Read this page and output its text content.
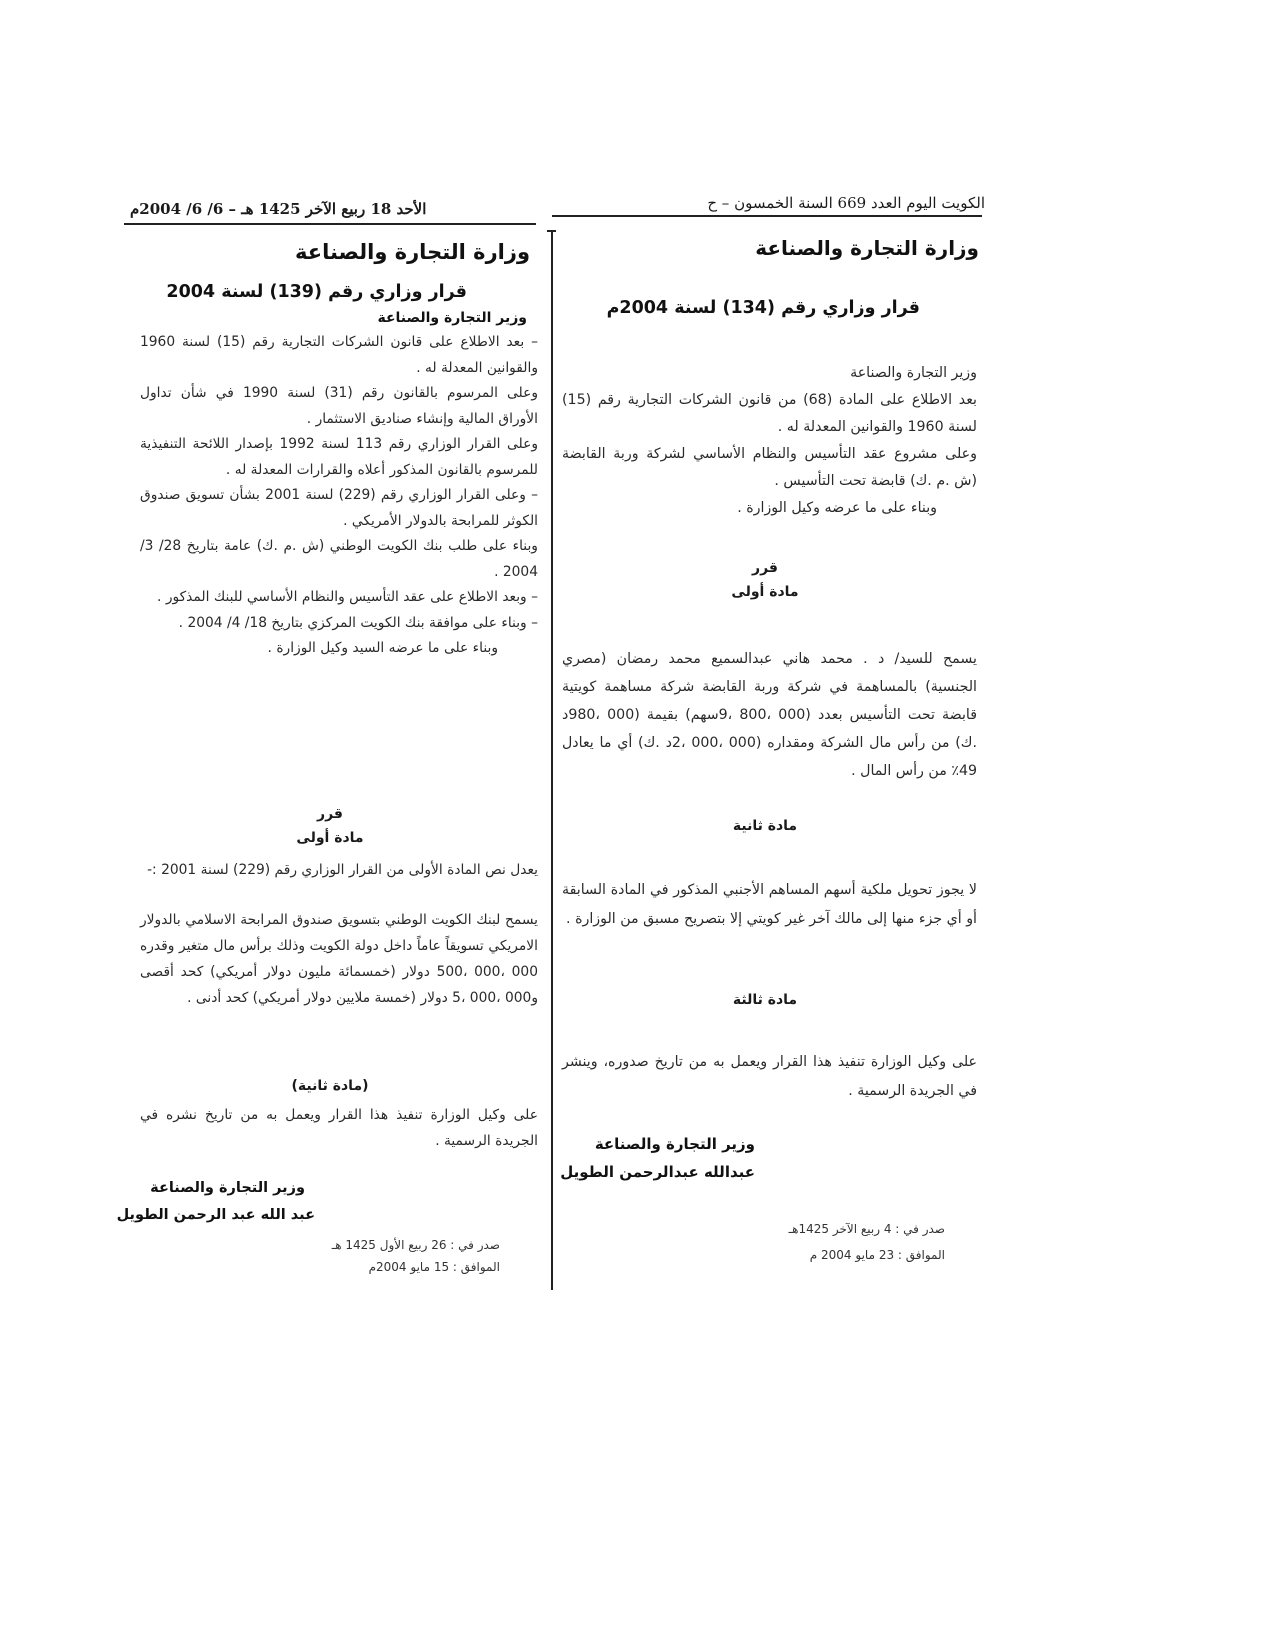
الكويت اليوم العدد 669 السنة الخمسون – ح
الأحد 18 ربيع الآخر 1425 هـ – 6/ 6/ 2004م
وزارة التجارة والصناعة
قرار وزاري رقم (134) لسنة 2004م

وزير التجارة والصناعة

بعد الاطلاع على المادة (68) من قانون الشركات التجارية رقم (15) لسنة 1960 والقوانين المعدلة له .

وعلى مشروع عقد التأسيس والنظام الأساسي لشركة وربة القابضة (ش .م .ك) قابضة تحت التأسيس .

وبناء على ما عرضه وكيل الوزارة .

قرر
مادة أولى
يسمح للسيد/ د . محمد هاني عبدالسميع محمد رمضان (مصري الجنسية) بالمساهمة في شركة وربة القابضة شركة مساهمة كويتية قابضة تحت التأسيس بعدد (000 ،800 ،9سهم) بقيمة (000 ،980د .ك) من رأس مال الشركة ومقداره (000 ،000 ،2د .ك) أي ما يعادل 49٪ من رأس المال .
مادة ثانية
لا يجوز تحويل ملكية أسهم المساهم الأجنبي المذكور في المادة السابقة أو أي جزء منها إلى مالك آخر غير كويتي إلا بتصريح مسبق من الوزارة .
مادة ثالثة
على وكيل الوزارة تنفيذ هذا القرار ويعمل به من تاريخ صدوره، وينشر في الجريدة الرسمية .
وزير التجارة والصناعة
عبدالله عبدالرحمن الطويل
صدر في : 4 ربيع الآخر 1425هـ
الموافق : 23 مايو 2004 م
وزارة التجارة والصناعة
قرار وزاري رقم (139) لسنة 2004
وزير التجارة والصناعة

– بعد الاطلاع على قانون الشركات التجارية رقم (15) لسنة 1960 والقوانين المعدلة له .

وعلى المرسوم بالقانون رقم (31) لسنة 1990 في شأن تداول الأوراق المالية وإنشاء صناديق الاستثمار .

وعلى القرار الوزاري رقم 113 لسنة 1992 بإصدار اللائحة التنفيذية للمرسوم بالقانون المذكور أعلاه والقرارات المعدلة له .

– وعلى القرار الوزاري رقم (229) لسنة 2001 بشأن تسويق صندوق الكوثر للمرابحة بالدولار الأمريكي .

وبناء على طلب بنك الكويت الوطني (ش .م .ك) عامة بتاريخ 28/ 3/ 2004 .

– وبعد الاطلاع على عقد التأسيس والنظام الأساسي للبنك المذكور .

– وبناء على موافقة بنك الكويت المركزي بتاريخ 18/ 4/ 2004 .

وبناء على ما عرضه السيد وكيل الوزارة .

قرر
مادة أولى
يعدل نص المادة الأولى من القرار الوزاري رقم (229) لسنة 2001 :-
يسمح لبنك الكويت الوطني بتسويق صندوق المرابحة الاسلامي بالدولار الامريكي تسويقاً عاماً داخل دولة الكويت وذلك برأس مال متغير وقدره 000 ،000 ،500 دولار (خمسمائة مليون دولار أمريكي) كحد أقصى و000 ،000 ،5 دولار (خمسة ملايين دولار أمريكي) كحد أدنى .
(مادة ثانية)
على وكيل الوزارة تنفيذ هذا القرار ويعمل به من تاريخ نشره في الجريدة الرسمية .
وزير التجارة والصناعة
عبد الله عبد الرحمن الطويل
صدر في : 26 ربيع الأول 1425 هـ
الموافق : 15 مايو 2004م
